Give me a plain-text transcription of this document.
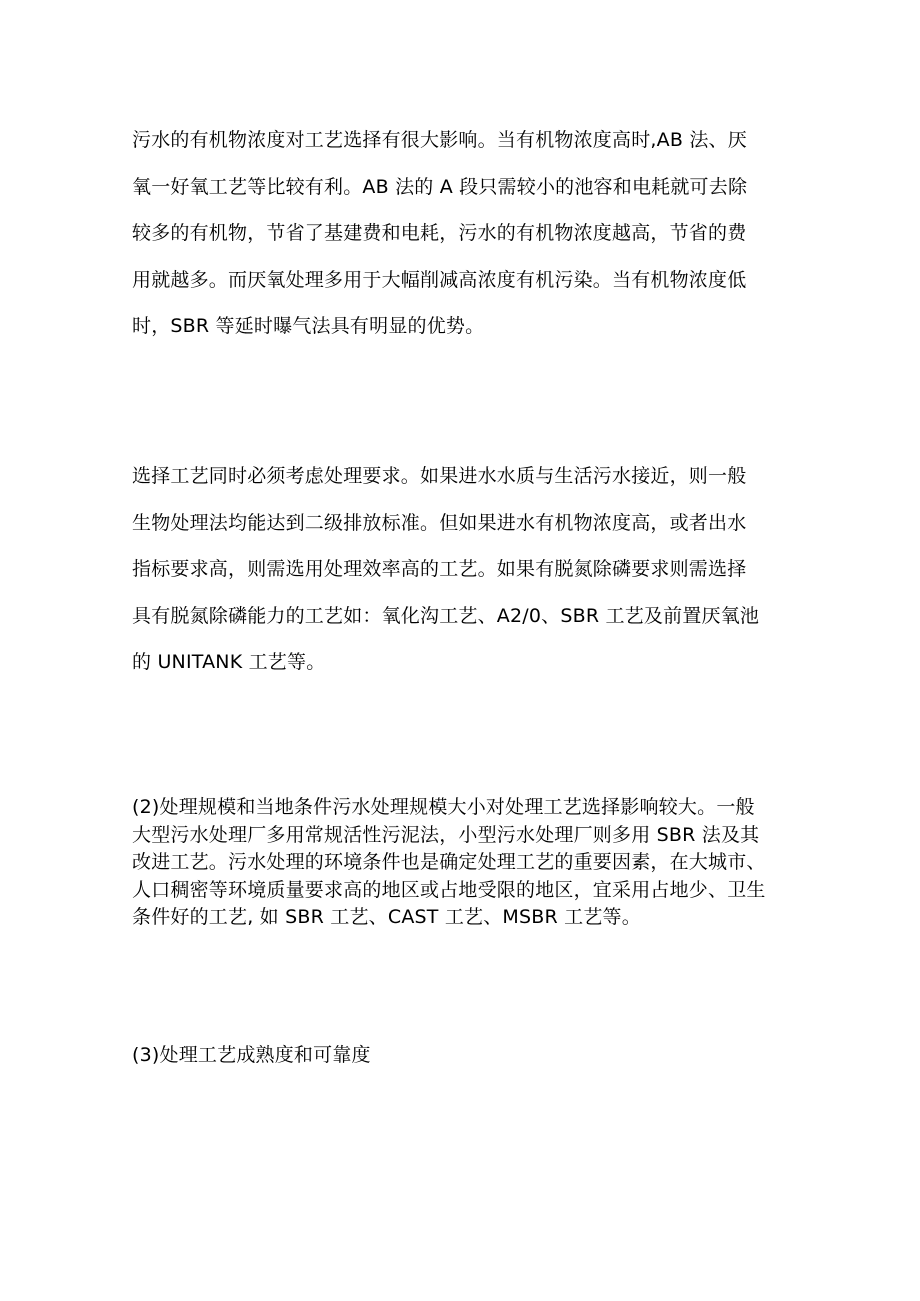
污水的有机物浓度对工艺选择有很大影响。当有机物浓度高时,AB 法、厌
氧一好氧工艺等比较有利。AB 法的 A 段只需较小的池容和电耗就可去除
较多的有机物，节省了基建费和电耗，污水的有机物浓度越高，节省的费
用就越多。而厌氧处理多用于大幅削减高浓度有机污染。当有机物浓度低
时，SBR 等延时曝气法具有明显的优势。

选择工艺同时必须考虑处理要求。如果进水水质与生活污水接近，则一般
生物处理法均能达到二级排放标准。但如果进水有机物浓度高，或者出水
指标要求高，则需选用处理效率高的工艺。如果有脱氮除磷要求则需选择
具有脱氮除磷能力的工艺如：氧化沟工艺、A2/0、SBR 工艺及前置厌氧池
的 UNITANK 工艺等。

(2)处理规模和当地条件污水处理规模大小对处理工艺选择影响较大。一般
大型污水处理厂多用常规活性污泥法，小型污水处理厂则多用 SBR 法及其
改进工艺。污水处理的环境条件也是确定处理工艺的重要因素，在大城市、
人口稠密等环境质量要求高的地区或占地受限的地区，宜采用占地少、卫生
条件好的工艺, 如 SBR 工艺、CAST 工艺、MSBR 工艺等。

(3)处理工艺成熟度和可靠度
